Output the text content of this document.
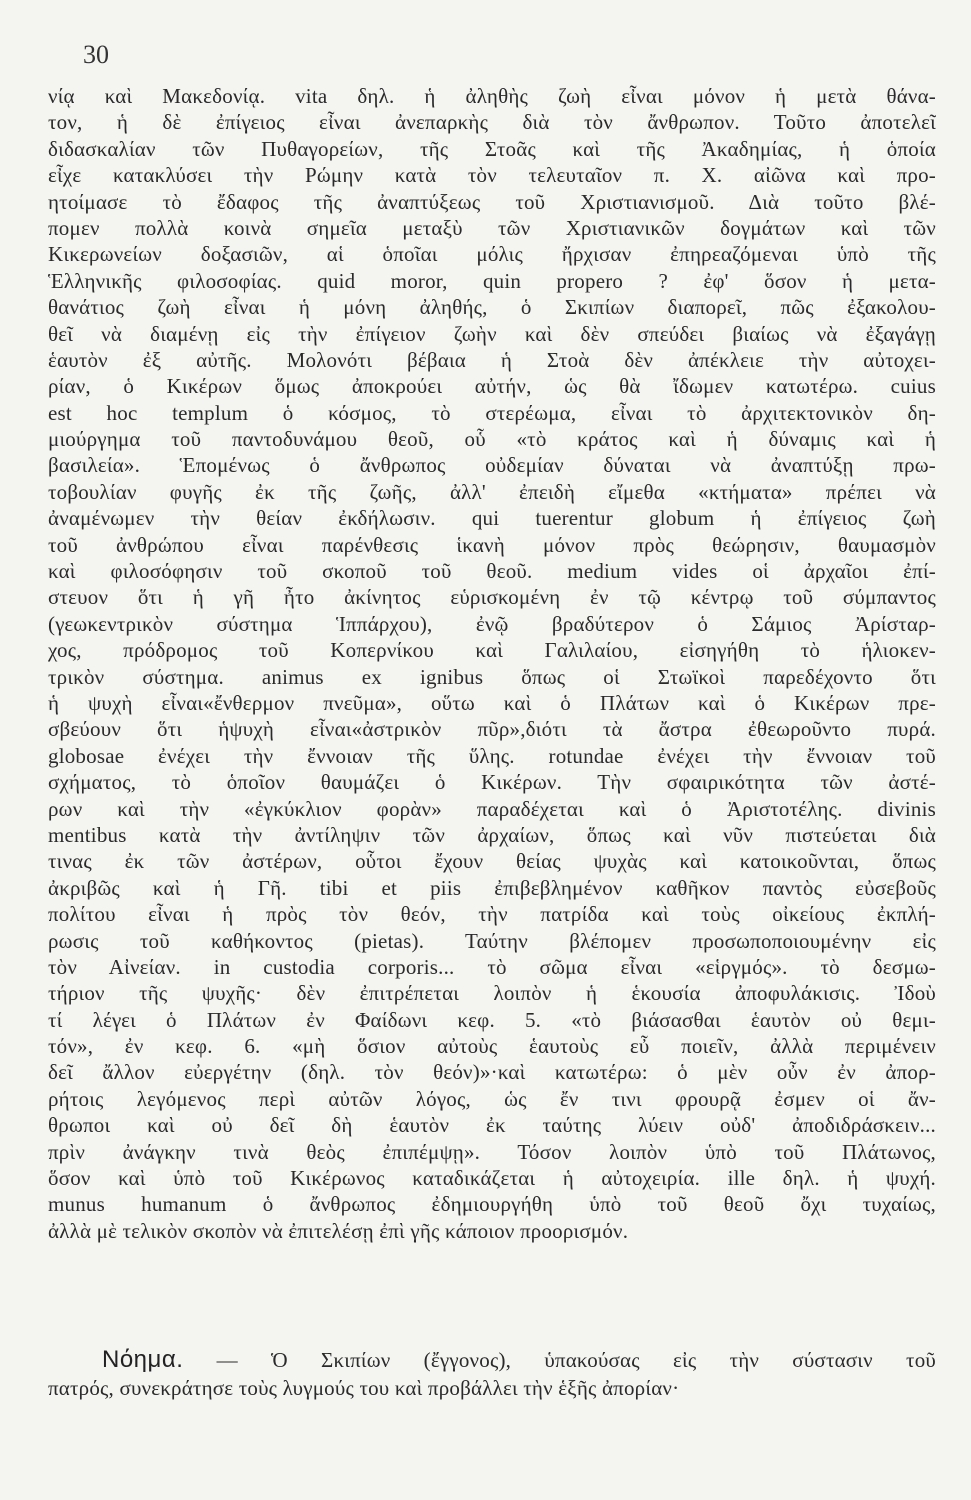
30
νίᾳ καὶ Μακεδονίᾳ. vita δηλ. ἡ ἀληθὴς ζωὴ εἶναι μόνον ἡ μετὰ θάνα-
τον, ἡ δὲ ἐπίγειος εἶναι ἀνεπαρκὴς διὰ τὸν ἄνθρωπον. Τοῦτο ἀποτελεῖ
διδασκαλίαν τῶν Πυθαγορείων, τῆς Στοᾶς καὶ τῆς Ἀκαδημίας, ἡ ὁποία
εἶχε κατακλύσει τὴν Ρώμην κατὰ τὸν τελευταῖον π. Χ. αἰῶνα καὶ προ-
ητοίμασε τὸ ἔδαφος τῆς ἀναπτύξεως τοῦ Χριστιανισμοῦ. Διὰ τοῦτο βλέ-
πομεν πολλὰ κοινὰ σημεῖα μεταξὺ τῶν Χριστιανικῶν δογμάτων καὶ τῶν
Κικερωνείων δοξασιῶν, αἱ ὁποῖαι μόλις ἤρχισαν ἐπηρεαζόμεναι ὑπὸ τῆς
Ἑλληνικῆς φιλοσοφίας. quid moror, quin propero ? ἐφ' ὅσον ἡ μετα-
θανάτιος ζωὴ εἶναι ἡ μόνη ἀληθής, ὁ Σκιπίων διαπορεῖ, πῶς ἐξακολου-
θεῖ νὰ διαμένῃ εἰς τὴν ἐπίγειον ζωὴν καὶ δὲν σπεύδει βιαίως νὰ ἐξαγάγῃ
ἑαυτὸν ἐξ αὐτῆς. Μολονότι βέβαια ἡ Στοὰ δὲν ἀπέκλειε τὴν αὐτοχει-
ρίαν, ὁ Κικέρων ὅμως ἀποκρούει αὐτήν, ὡς θὰ ἴδωμεν κατωτέρω. cuius
est hoc templum ὁ κόσμος, τὸ στερέωμα, εἶναι τὸ ἀρχιτεκτονικὸν δη-
μιούργημα τοῦ παντοδυνάμου θεοῦ, οὗ «τὸ κράτος καὶ ἡ δύναμις καὶ ἡ
βασιλεία». Ἑπομένως ὁ ἄνθρωπος οὐδεμίαν δύναται νὰ ἀναπτύξῃ πρω-
τοβουλίαν φυγῆς ἐκ τῆς ζωῆς, ἀλλ' ἐπειδὴ εἴμεθα «κτήματα» πρέπει νὰ
ἀναμένωμεν τὴν θείαν ἐκδήλωσιν. qui tuerentur globum ἡ ἐπίγειος ζωὴ
τοῦ ἀνθρώπου εἶναι παρένθεσις ἱκανὴ μόνον πρὸς θεώρησιν, θαυμασμὸν
καὶ φιλοσόφησιν τοῦ σκοποῦ τοῦ θεοῦ. medium vides οἱ ἀρχαῖοι ἐπί-
στευον ὅτι ἡ γῆ ἦτο ἀκίνητος εὑρισκομένη ἐν τῷ κέντρῳ τοῦ σύμπαντος
(γεωκεντρικὸν σύστημα Ἱππάρχου), ἐνῷ βραδύτερον ὁ Σάμιος Ἀρίσταρ-
χος, πρόδρομος τοῦ Κοπερνίκου καὶ Γαλιλαίου, εἰσηγήθη τὸ ἡλιοκεν-
τρικὸν σύστημα. animus ex ignibus ὅπως οἱ Στωϊκοὶ παρεδέχοντο ὅτι
ἡ ψυχὴ εἶναι«ἔνθερμον πνεῦμα», οὕτω καὶ ὁ Πλάτων καὶ ὁ Κικέρων πρε-
σβεύουν ὅτι ἡψυχὴ εἶναι«ἀστρικὸν πῦρ»,διότι τὰ ἄστρα ἐθεωροῦντο πυρά.
globosae ἐνέχει τὴν ἔννοιαν τῆς ὕλης. rotundae ἐνέχει τὴν ἔννοιαν τοῦ
σχήματος, τὸ ὁποῖον θαυμάζει ὁ Κικέρων. Τὴν σφαιρικότητα τῶν ἀστέ-
ρων καὶ τὴν «ἐγκύκλιον φορὰν» παραδέχεται καὶ ὁ Ἀριστοτέλης. divinis
mentibus κατὰ τὴν ἀντίληψιν τῶν ἀρχαίων, ὅπως καὶ νῦν πιστεύεται διὰ
τινας ἐκ τῶν ἀστέρων, οὗτοι ἔχουν θείας ψυχὰς καὶ κατοικοῦνται, ὅπως
ἀκριβῶς καὶ ἡ Γῆ. tibi et piis ἐπιβεβλημένον καθῆκον παντὸς εὐσεβοῦς
πολίτου εἶναι ἡ πρὸς τὸν θεόν, τὴν πατρίδα καὶ τοὺς οἰκείους ἐκπλή-
ρωσις τοῦ καθήκοντος (pietas). Ταύτην βλέπομεν προσωποποιουμένην εἰς
τὸν Αἰνείαν. in custodia corporis... τὸ σῶμα εἶναι «εἱργμός». τὸ δεσμω-
τήριον τῆς ψυχῆς· δὲν ἐπιτρέπεται λοιπὸν ἡ ἑκουσία ἀποφυλάκισις. Ἰδοὺ
τί λέγει ὁ Πλάτων ἐν Φαίδωνι κεφ. 5. «τὸ βιάσασθαι ἑαυτὸν οὐ θεμι-
τόν», ἐν κεφ. 6. «μὴ ὅσιον αὐτοὺς ἑαυτοὺς εὖ ποιεῖν, ἀλλὰ περιμένειν
δεῖ ἄλλον εὐεργέτην (δηλ. τὸν θεόν)»·καὶ κατωτέρω: ὁ μὲν οὖν ἐν ἀπορ-
ρήτοις λεγόμενος περὶ αὐτῶν λόγος, ὡς ἔν τινι φρουρᾷ ἐσμεν οἱ ἄν-
θρωποι καὶ οὐ δεῖ δὴ ἑαυτὸν ἐκ ταύτης λύειν οὐδ' ἀποδιδράσκειν...
πρὶν ἀνάγκην τινὰ θεὸς ἐπιπέμψῃ». Τόσον λοιπὸν ὑπὸ τοῦ Πλάτωνος,
ὅσον καὶ ὑπὸ τοῦ Κικέρωνος καταδικάζεται ἡ αὐτοχειρία. ille δηλ. ἡ ψυχή.
munus humanum ὁ ἄνθρωπος ἐδημιουργήθη ὑπὸ τοῦ θεοῦ ὄχι τυχαίως,
ἀλλὰ μὲ τελικὸν σκοπὸν νὰ ἐπιτελέσῃ ἐπὶ γῆς κάποιον προορισμόν.
Νόημα. — Ὁ Σκιπίων (ἔγγονος), ὑπακούσας εἰς τὴν σύστασιν τοῦ
πατρός, συνεκράτησε τοὺς λυγμούς του καὶ προβάλλει τὴν ἑξῆς ἀπορίαν·
